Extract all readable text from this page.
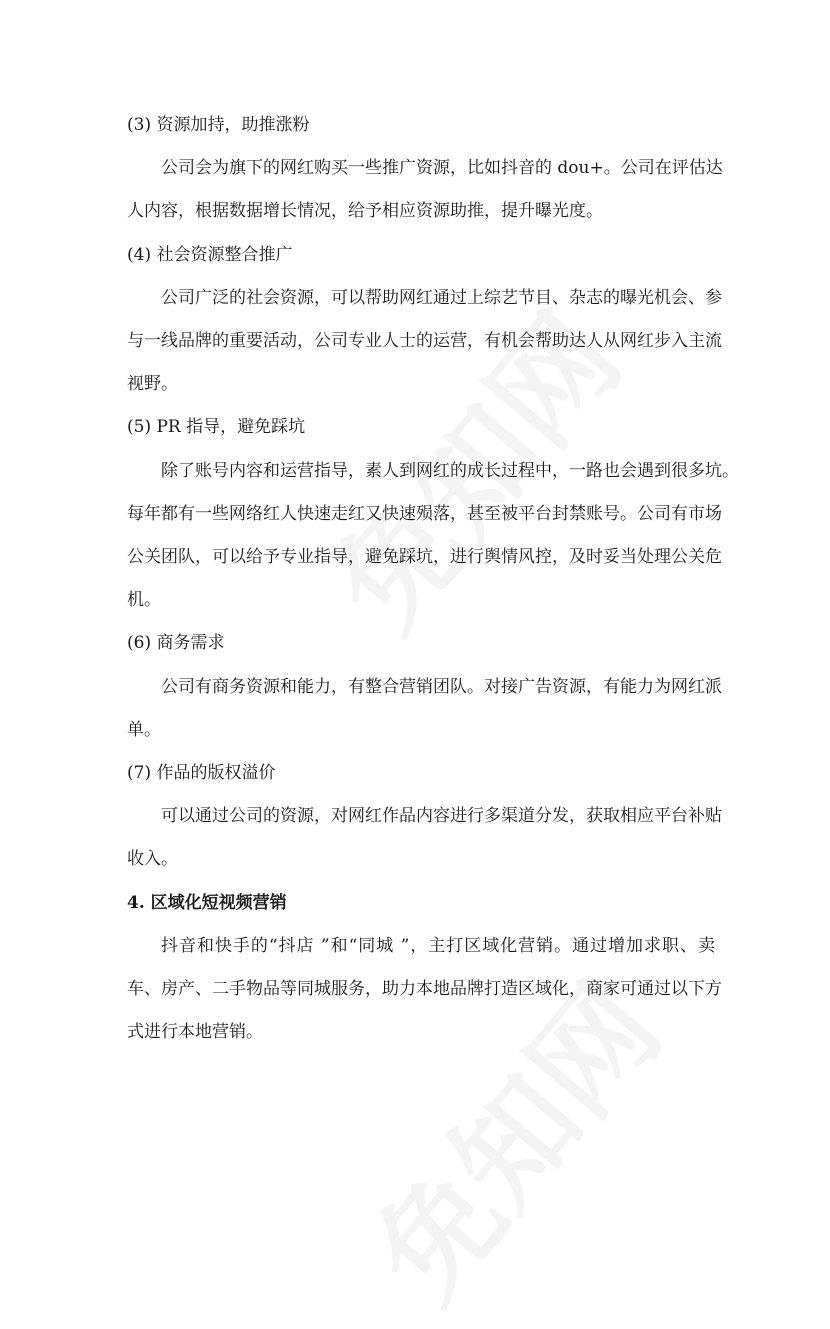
(3) 资源加持，助推涨粉
公司会为旗下的网红购买一些推广资源，比如抖音的 dou+。公司在评估达
人内容，根据数据增长情况，给予相应资源助推，提升曝光度。
(4) 社会资源整合推广
公司广泛的社会资源，可以帮助网红通过上综艺节目、杂志的曝光机会、参
与一线品牌的重要活动，公司专业人士的运营，有机会帮助达人从网红步入主流
视野。
(5) PR 指导，避免踩坑
除了账号内容和运营指导，素人到网红的成长过程中，一路也会遇到很多坑。
每年都有一些网络红人快速走红又快速殒落，甚至被平台封禁账号。公司有市场
公关团队，可以给予专业指导，避免踩坑，进行舆情风控，及时妥当处理公关危
机。
(6) 商务需求
公司有商务资源和能力，有整合营销团队。对接广告资源，有能力为网红派
单。
(7) 作品的版权溢价
可以通过公司的资源，对网红作品内容进行多渠道分发，获取相应平台补贴
收入。
4. 区域化短视频营销
抖音和快手的“抖店 ”和“同城 ”，主打区域化营销。通过增加求职、卖
车、房产、二手物品等同城服务，助力本地品牌打造区域化，商家可通过以下方
式进行本地营销。
